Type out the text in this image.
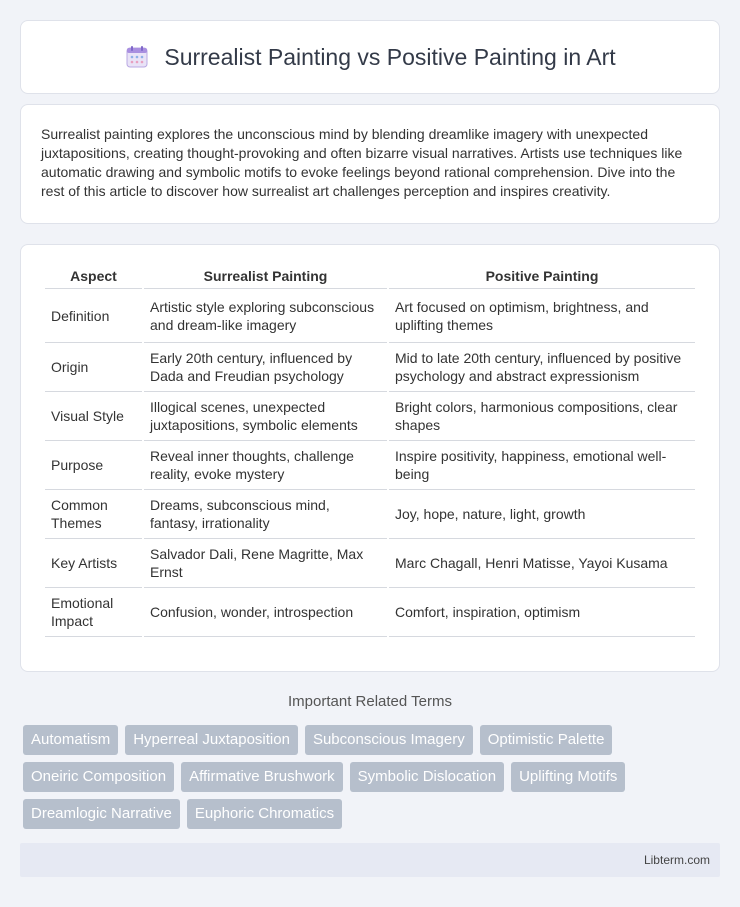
Surrealist Painting vs Positive Painting in Art

Surrealist painting explores the unconscious mind by blending dreamlike imagery with unexpected juxtapositions, creating thought-provoking and often bizarre visual narratives. Artists use techniques like automatic drawing and symbolic motifs to evoke feelings beyond rational comprehension. Dive into the rest of this article to discover how surrealist art challenges perception and inspires creativity.

Aspect	Surrealist Painting	Positive Painting
Definition	Artistic style exploring subconscious and dream-like imagery	Art focused on optimism, brightness, and uplifting themes
Origin	Early 20th century, influenced by Dada and Freudian psychology	Mid to late 20th century, influenced by positive psychology and abstract expressionism
Visual Style	Illogical scenes, unexpected juxtapositions, symbolic elements	Bright colors, harmonious compositions, clear shapes
Purpose	Reveal inner thoughts, challenge reality, evoke mystery	Inspire positivity, happiness, emotional well-being
Common Themes	Dreams, subconscious mind, fantasy, irrationality	Joy, hope, nature, light, growth
Key Artists	Salvador Dali, Rene Magritte, Max Ernst	Marc Chagall, Henri Matisse, Yayoi Kusama
Emotional Impact	Confusion, wonder, introspection	Comfort, inspiration, optimism
Important Related Terms
Automatism	Hyperreal Juxtaposition	Subconscious Imagery	Optimistic Palette
Oneiric Composition	Affirmative Brushwork	Symbolic Dislocation	Uplifting Motifs
Dreamlogic Narrative	Euphoric Chromatics
Libterm.com
